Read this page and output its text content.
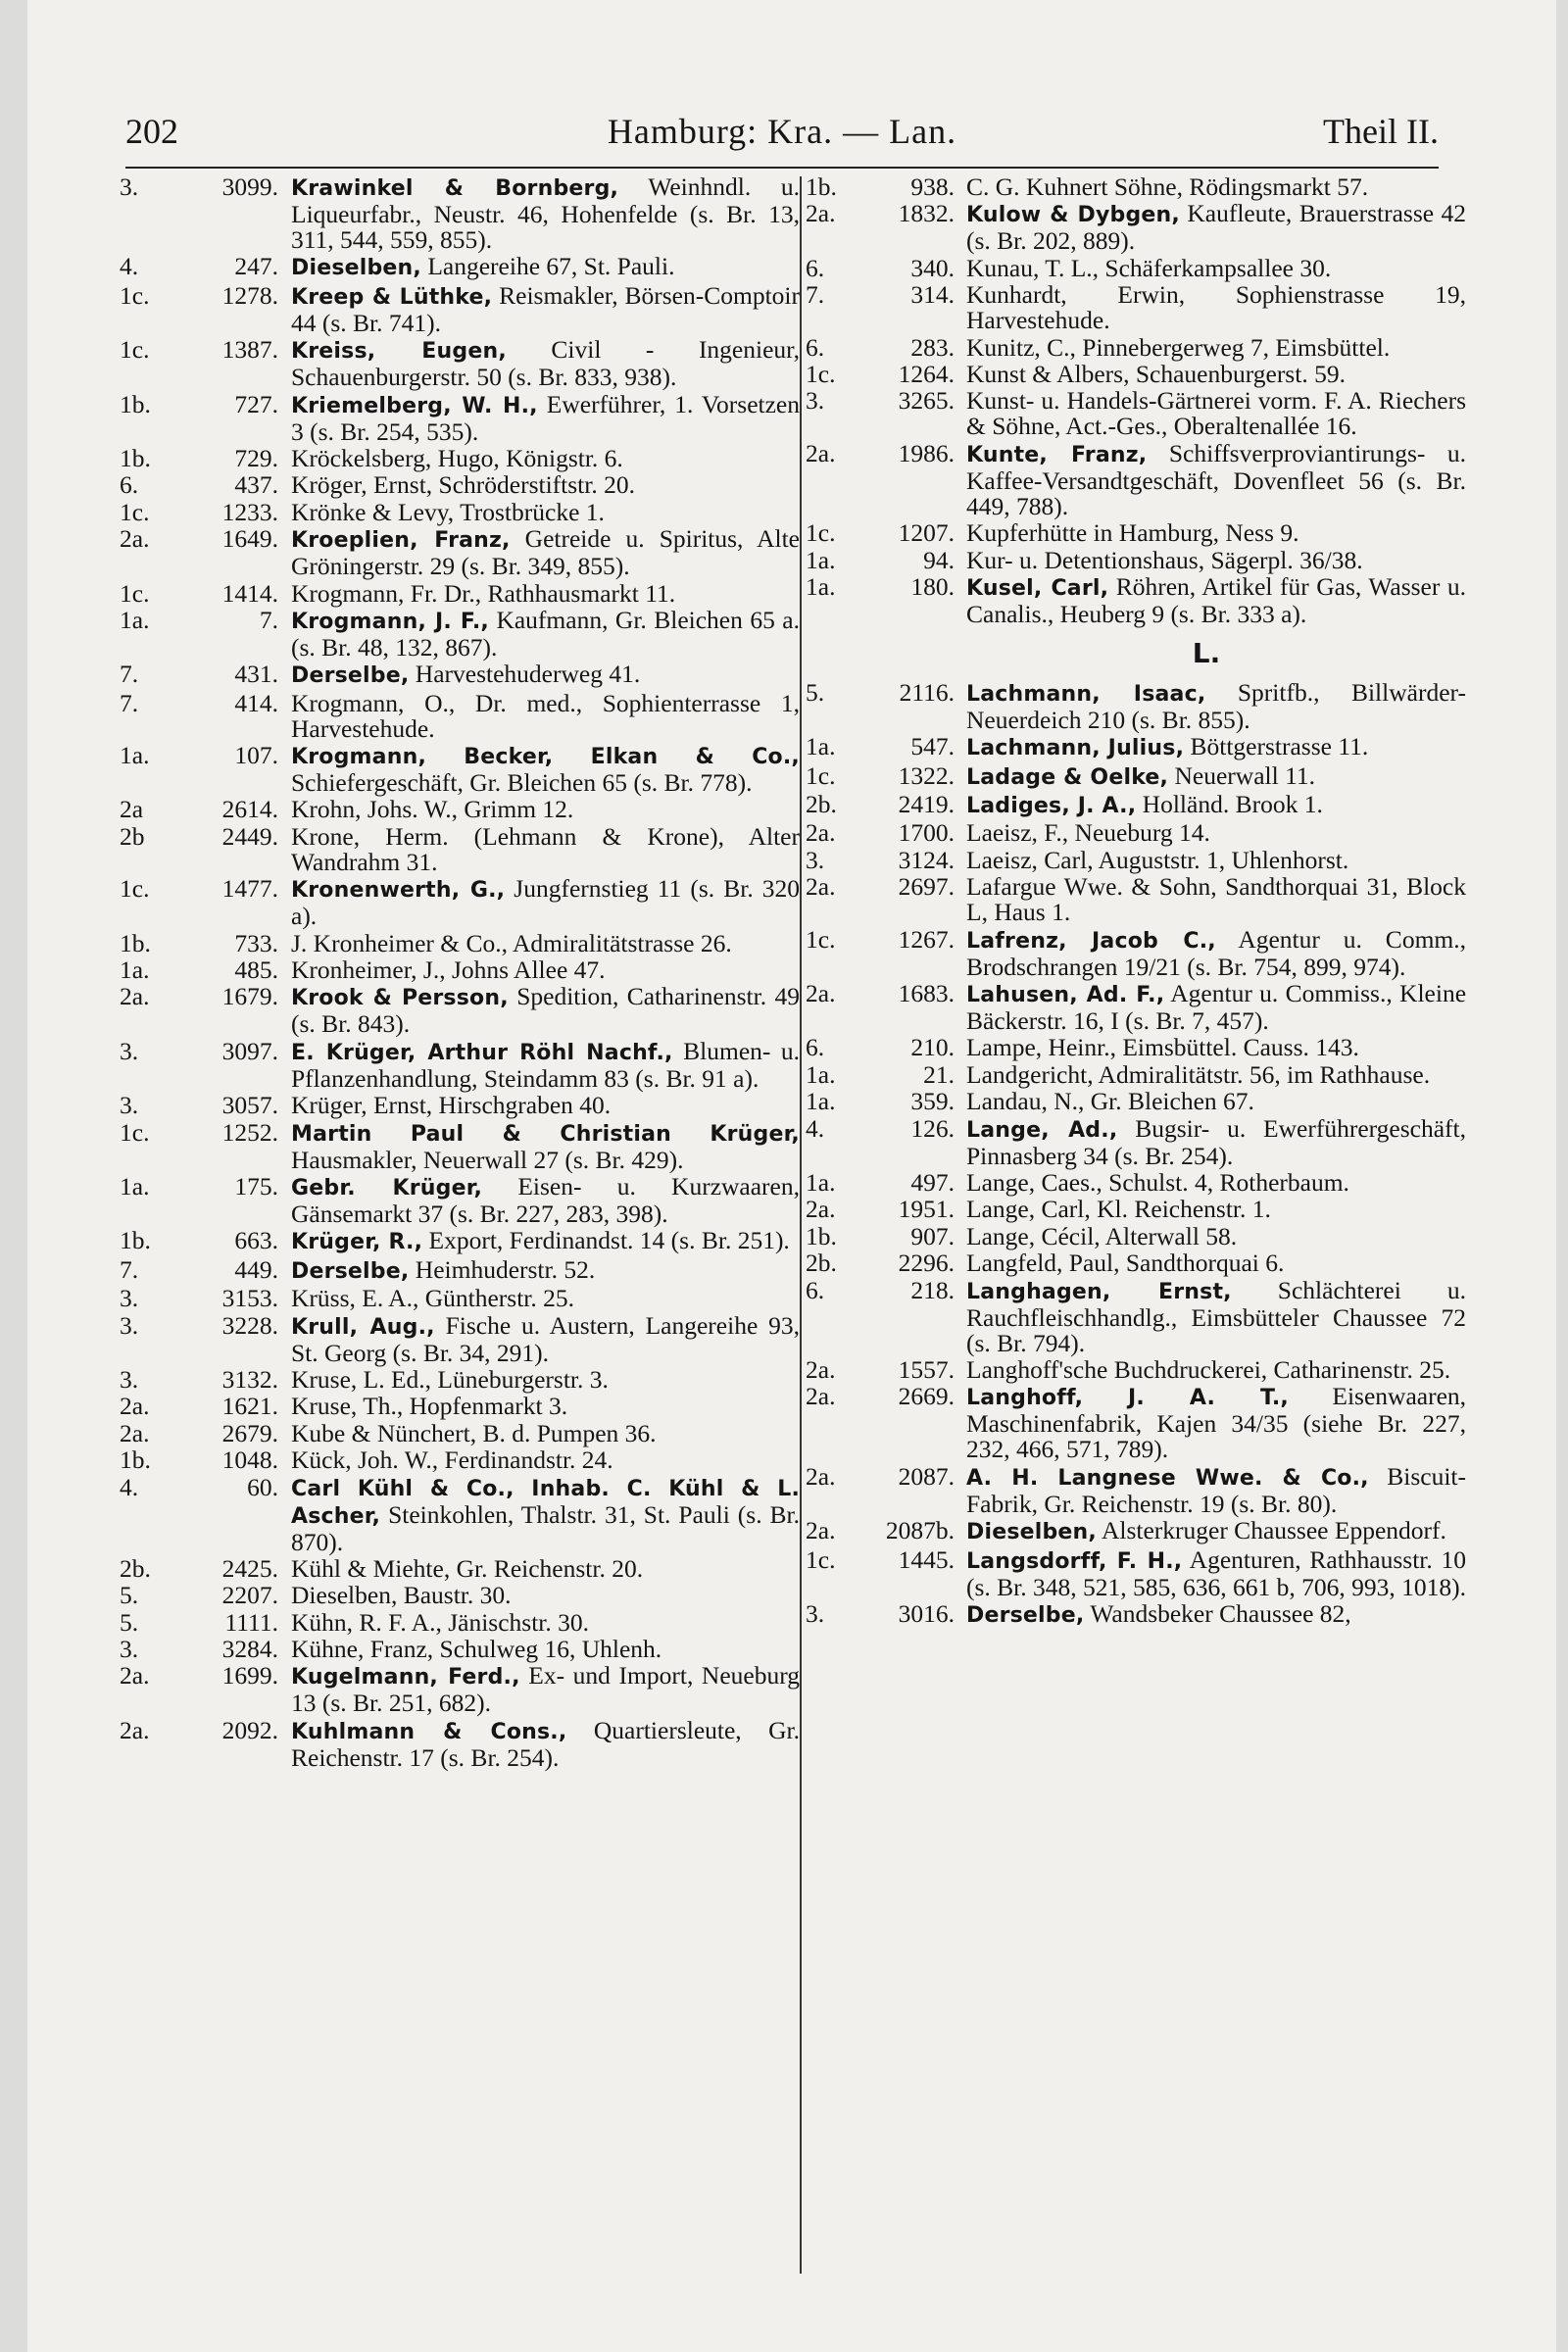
202	Hamburg: Kra. — Lan.	Theil II.
3.	3099. Krawinkel & Bornberg, Weinhndl. u. Liqueurfabr., Neustr. 46, Hohenfelde (s. Br. 13, 311, 544, 559, 855).
4.	247. Dieselben, Langereihe 67, St. Pauli.
1c.	1278. Kreep & Lüthke, Reismakler, Börsen-Comptoir 44 (s. Br. 741).
1c.	1387. Kreiss, Eugen, Civil - Ingenieur, Schauenburgerstr. 50 (s. Br. 833, 938).
1b.	727. Kriemelberg, W. H., Ewerführer, 1. Vorsetzen 3 (s. Br. 254, 535).
1b.	729. Kröckelsberg, Hugo, Königstr. 6.
6.	437. Kröger, Ernst, Schröderstiftstr. 20.
1c.	1233. Krönke & Levy, Trostbrücke 1.
2a.	1649. Kroeplien, Franz, Getreide u. Spiritus, Alte Gröningerstr. 29 (s. Br. 349, 855).
1c.	1414. Krogmann, Fr. Dr., Rathhausmarkt 11.
1a.	7. Krogmann, J. F., Kaufmann, Gr. Bleichen 65 a. (s. Br. 48, 132, 867).
7.	431. Derselbe, Harvestehuderweg 41.
7.	414. Krogmann, O., Dr. med., Sophienterrasse 1, Harvestehude.
1a.	107. Krogmann, Becker, Elkan & Co., Schiefergeschäft, Gr. Bleichen 65 (s. Br. 778).
2a	2614. Krohn, Johs. W., Grimm 12.
2b	2449. Krone, Herm. (Lehmann & Krone), Alter Wandrahm 31.
1c.	1477. Kronenwerth, G., Jungfernstieg 11 (s. Br. 320 a).
1b.	733. J. Kronheimer & Co., Admiralitätstrasse 26.
1a.	485. Kronheimer, J., Johns Allee 47.
2a.	1679. Krook & Persson, Spedition, Catharinenstr. 49 (s. Br. 843).
3.	3097. E. Krüger, Arthur Röhl Nachf., Blumen- u. Pflanzenhandlung, Steindamm 83 (s. Br. 91 a).
3.	3057. Krüger, Ernst, Hirschgraben 40.
1c.	1252. Martin Paul & Christian Krüger, Hausmakler, Neuerwall 27 (s. Br. 429).
1a.	175. Gebr. Krüger, Eisen- u. Kurzwaaren, Gänsemarkt 37 (s. Br. 227, 283, 398).
1b.	663. Krüger, R., Export, Ferdinandst. 14 (s. Br. 251).
7.	449. Derselbe, Heimhuderstr. 52.
3.	3153. Krüss, E. A., Güntherstr. 25.
3.	3228. Krull, Aug., Fische u. Austern, Langereihe 93, St. Georg (s. Br. 34, 291).
3.	3132. Kruse, L. Ed., Lüneburgerstr. 3.
2a.	1621. Kruse, Th., Hopfenmarkt 3.
2a.	2679. Kube & Nünchert, B. d. Pumpen 36.
1b.	1048. Kück, Joh. W., Ferdinandstr. 24.
4.	60. Carl Kühl & Co., Inhab. C. Kühl & L. Ascher, Steinkohlen, Thalstr. 31, St. Pauli (s. Br. 870).
2b.	2425. Kühl & Miehte, Gr. Reichenstr. 20.
5.	2207. Dieselben, Baustr. 30.
5.	1111. Kühn, R. F. A., Jänischstr. 30.
3.	3284. Kühne, Franz, Schulweg 16, Uhlenh.
2a.	1699. Kugelmann, Ferd., Ex- und Import, Neueburg 13 (s. Br. 251, 682).
2a.	2092. Kuhlmann & Cons., Quartiersleute, Gr. Reichenstr. 17 (s. Br. 254).
1b.	938. C. G. Kuhnert Söhne, Rödingsmarkt 57.
2a.	1832. Kulow & Dybgen, Kaufleute, Brauerstrasse 42 (s. Br. 202, 889).
6.	340. Kunau, T. L., Schäferkampsallee 30.
7.	314. Kunhardt, Erwin, Sophienstrasse 19, Harvestehude.
6.	283. Kunitz, C., Pinnebergerweg 7, Eimsbüttel.
1c.	1264. Kunst & Albers, Schauenburgerst. 59.
3.	3265. Kunst- u. Handels-Gärtnerei vorm. F. A. Riechers & Söhne, Act.-Ges., Oberaltenallée 16.
2a.	1986. Kunte, Franz, Schiffsverproviantirungs- u. Kaffee-Versandtgeschäft, Dovenfleet 56 (s. Br. 449, 788).
1c.	1207. Kupferhütte in Hamburg, Ness 9.
1a.	94. Kur- u. Detentionshaus, Sägerpl. 36/38.
1a.	180. Kusel, Carl, Röhren, Artikel für Gas, Wasser u. Canalis., Heuberg 9 (s. Br. 333 a).
L.
5.	2116. Lachmann, Isaac, Spritfb., Billwärder-Neuerdeich 210 (s. Br. 855).
1a.	547. Lachmann, Julius, Böttgerstrasse 11.
1c.	1322. Ladage & Oelke, Neuerwall 11.
2b.	2419. Ladiges, J. A., Holländ. Brook 1.
2a.	1700. Laeisz, F., Neueburg 14.
3.	3124. Laeisz, Carl, Auguststr. 1, Uhlenhorst.
2a.	2697. Lafargue Wwe. & Sohn, Sandthorquai 31, Block L, Haus 1.
1c.	1267. Lafrenz, Jacob C., Agentur u. Comm., Brodschrangen 19/21 (s. Br. 754, 899, 974).
2a.	1683. Lahusen, Ad. F., Agentur u. Commiss., Kleine Bäckerstr. 16, I (s. Br. 7, 457).
6.	210. Lampe, Heinr., Eimsbüttel. Causs. 143.
1a.	21. Landgericht, Admiralitätstr. 56, im Rathhause.
1a.	359. Landau, N., Gr. Bleichen 67.
4.	126. Lange, Ad., Bugsir- u. Ewerführergeschäft, Pinnasberg 34 (s. Br. 254).
1a.	497. Lange, Caes., Schulst. 4, Rotherbaum.
2a.	1951. Lange, Carl, Kl. Reichenstr. 1.
1b.	907. Lange, Cécil, Alterwall 58.
2b.	2296. Langfeld, Paul, Sandthorquai 6.
6.	218. Langhagen, Ernst, Schlächterei u. Rauchfleischhandlg., Eimsbütteler Chaussee 72 (s. Br. 794).
2a.	1557. Langhoff'sche Buchdruckerei, Catharinenstr. 25.
2a.	2669. Langhoff, J. A. T., Eisenwaaren, Maschinenfabrik, Kajen 34/35 (siehe Br. 227, 232, 466, 571, 789).
2a.	2087. A. H. Langnese Wwe. & Co., Biscuit-Fabrik, Gr. Reichenstr. 19 (s. Br. 80).
2a.	2087b. Dieselben, Alsterkruger Chaussee Eppendorf.
1c.	1445. Langsdorff, F. H., Agenturen, Rathhausstr. 10 (s. Br. 348, 521, 585, 636, 661 b, 706, 993, 1018).
3.	3016. Derselbe, Wandsbeker Chaussee 82,
